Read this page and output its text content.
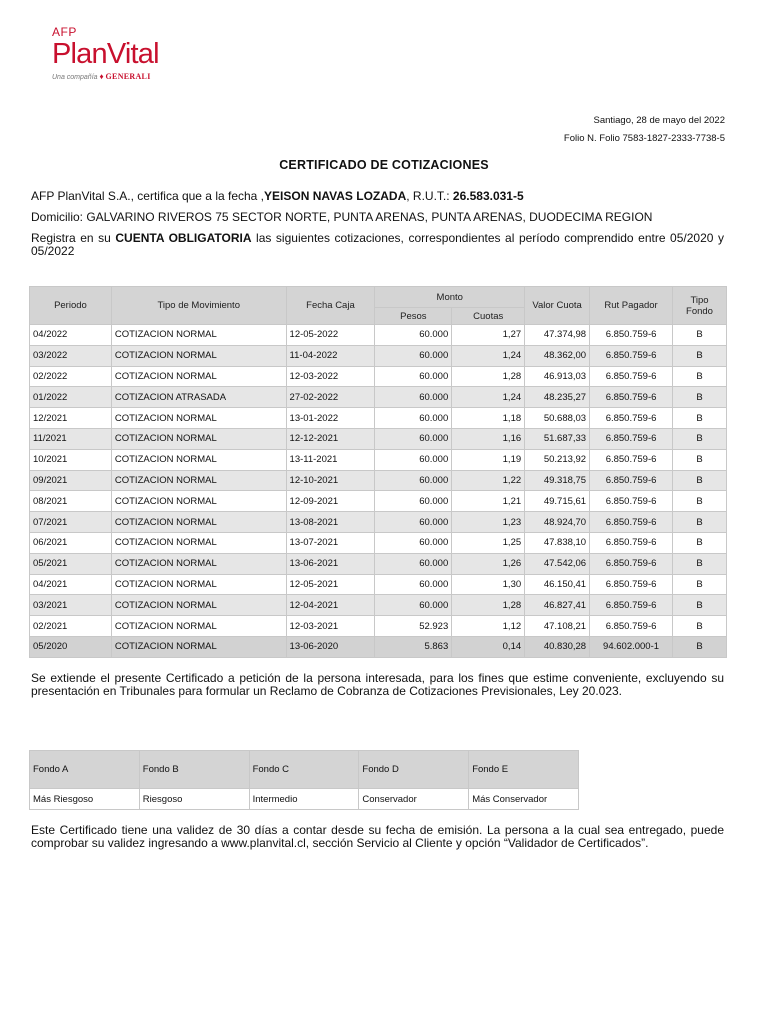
AFP
PlanVital
Una compañía ♦ GENERALI
Santiago, 28 de mayo del 2022
Folio N. Folio 7583-1827-2333-7738-5
CERTIFICADO DE COTIZACIONES
AFP PlanVital S.A., certifica que a la fecha ,YEISON NAVAS LOZADA, R.U.T.: 26.583.031-5
Domicilio: GALVARINO RIVEROS 75 SECTOR NORTE, PUNTA ARENAS, PUNTA ARENAS, DUODECIMA REGION
Registra en su CUENTA OBLIGATORIA las siguientes cotizaciones, correspondientes al período comprendido entre 05/2020 y 05/2022
Periodo	Tipo de Movimiento	Fecha Caja	Monto		Valor Cuota	Rut Pagador	Tipo Fondo
			Pesos	Cuotas			
04/2022	COTIZACION NORMAL	12-05-2022	60.000	1,27	47.374,98	6.850.759-6	B
03/2022	COTIZACION NORMAL	11-04-2022	60.000	1,24	48.362,00	6.850.759-6	B
02/2022	COTIZACION NORMAL	12-03-2022	60.000	1,28	46.913,03	6.850.759-6	B
01/2022	COTIZACION ATRASADA	27-02-2022	60.000	1,24	48.235,27	6.850.759-6	B
12/2021	COTIZACION NORMAL	13-01-2022	60.000	1,18	50.688,03	6.850.759-6	B
11/2021	COTIZACION NORMAL	12-12-2021	60.000	1,16	51.687,33	6.850.759-6	B
10/2021	COTIZACION NORMAL	13-11-2021	60.000	1,19	50.213,92	6.850.759-6	B
09/2021	COTIZACION NORMAL	12-10-2021	60.000	1,22	49.318,75	6.850.759-6	B
08/2021	COTIZACION NORMAL	12-09-2021	60.000	1,21	49.715,61	6.850.759-6	B
07/2021	COTIZACION NORMAL	13-08-2021	60.000	1,23	48.924,70	6.850.759-6	B
06/2021	COTIZACION NORMAL	13-07-2021	60.000	1,25	47.838,10	6.850.759-6	B
05/2021	COTIZACION NORMAL	13-06-2021	60.000	1,26	47.542,06	6.850.759-6	B
04/2021	COTIZACION NORMAL	12-05-2021	60.000	1,30	46.150,41	6.850.759-6	B
03/2021	COTIZACION NORMAL	12-04-2021	60.000	1,28	46.827,41	6.850.759-6	B
02/2021	COTIZACION NORMAL	12-03-2021	52.923	1,12	47.108,21	6.850.759-6	B
05/2020	COTIZACION NORMAL	13-06-2020	5.863	0,14	40.830,28	94.602.000-1	B
Se extiende el presente Certificado a petición de la persona interesada, para los fines que estime conveniente, excluyendo su presentación en Tribunales para formular un Reclamo de Cobranza de Cotizaciones Previsionales, Ley 20.023.
Fondo A	Fondo B	Fondo C	Fondo D	Fondo E
Más Riesgoso	Riesgoso	Intermedio	Conservador	Más Conservador
Este Certificado tiene una validez de 30 días a contar desde su fecha de emisión. La persona a la cual sea entregado, puede comprobar su validez ingresando a www.planvital.cl, sección Servicio al Cliente y opción “Validador de Certificados”.
